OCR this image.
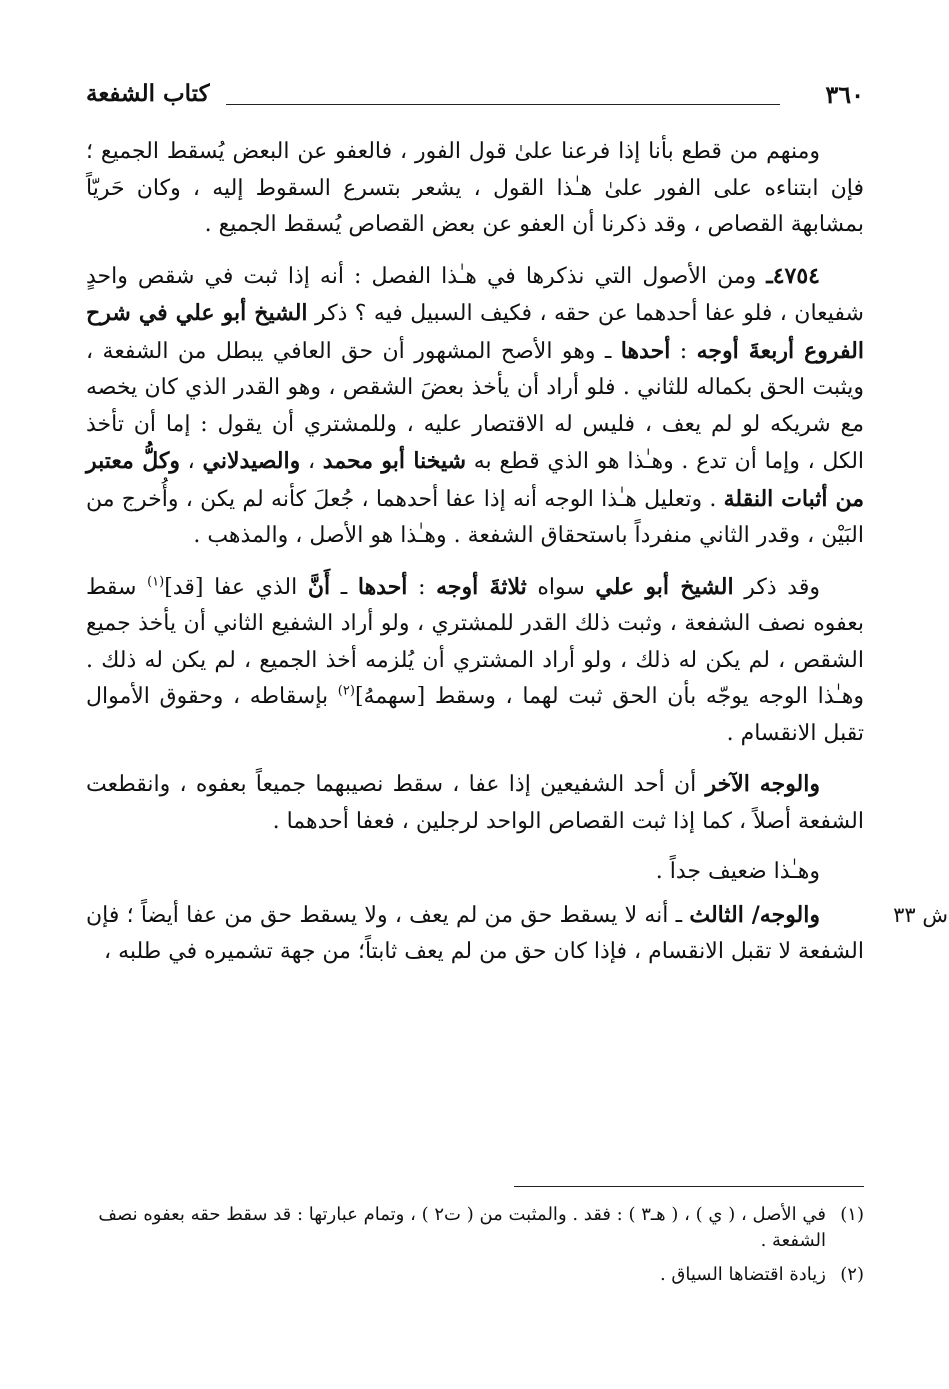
٣٦٠
كتاب الشفعة

ومنهم من قطع بأنا إذا فرعنا علىٰ قول الفور ، فالعفو عن البعض يُسقط الجميع ؛ فإن ابتناءه على الفور علىٰ هـٰذا القول ، يشعر بتسرع السقوط إليه ، وكان حَريّاً بمشابهة القصاص ، وقد ذكرنا أن العفو عن بعض القصاص يُسقط الجميع .

٤٧٥٤ـ ومن الأصول التي نذكرها في هـٰذا الفصل : أنه إذا ثبت في شقص واحدٍ شفيعان ، فلو عفا أحدهما عن حقه ، فكيف السبيل فيه ؟ ذكر الشيخ أبو علي في شرح الفروع أربعةَ أوجه : أحدها ـ وهو الأصح المشهور أن حق العافي يبطل من الشفعة ، ويثبت الحق بكماله للثاني . فلو أراد أن يأخذ بعضَ الشقص ، وهو القدر الذي كان يخصه مع شريكه لو لم يعف ، فليس له الاقتصار عليه ، وللمشتري أن يقول : إما أن تأخذ الكل ، وإما أن تدع . وهـٰذا هو الذي قطع به شيخنا أبو محمد ، والصيدلاني ، وكلُّ معتبر من أثبات النقلة . وتعليل هـٰذا الوجه أنه إذا عفا أحدهما ، جُعلَ كأنه لم يكن ، وأُخرج من البَيْن ، وقدر الثاني منفرداً باستحقاق الشفعة . وهـٰذا هو الأصل ، والمذهب .

وقد ذكر الشيخ أبو علي سواه ثلاثةَ أوجه : أحدها ـ أَنَّ الذي عفا [قد]$^{(١)}$ سقط بعفوه نصف الشفعة ، وثبت ذلك القدر للمشتري ، ولو أراد الشفيع الثاني أن يأخذ جميع الشقص ، لم يكن له ذلك ، ولو أراد المشتري أن يُلزمه أخذ الجميع ، لم يكن له ذلك . وهـٰذا الوجه يوجّه بأن الحق ثبت لهما ، وسقط [سهمهُ]$^{(٢)}$ بإسقاطه ، وحقوق الأموال تقبل الانقسام .

والوجه الآخر أن أحد الشفيعين إذا عفا ، سقط نصيبهما جميعاً بعفوه ، وانقطعت الشفعة أصلاً ، كما إذا ثبت القصاص الواحد لرجلين ، فعفا أحدهما .

وهـٰذا ضعيف جداً .

ش ٣٣
والوجه/ الثالث ـ أنه لا يسقط حق من لم يعف ، ولا يسقط حق من عفا أيضاً ؛ فإن الشفعة لا تقبل الانقسام ، فإذا كان حق من لم يعف ثابتاً؛ من جهة تشميره في طلبه ،

(١)
في الأصل ، ( ي ) ، ( هـ٣ ) : فقد . والمثبت من ( ت٢ ) ، وتمام عبارتها : قد سقط حقه بعفوه نصف الشفعة .
(٢)
زيادة اقتضاها السياق .
